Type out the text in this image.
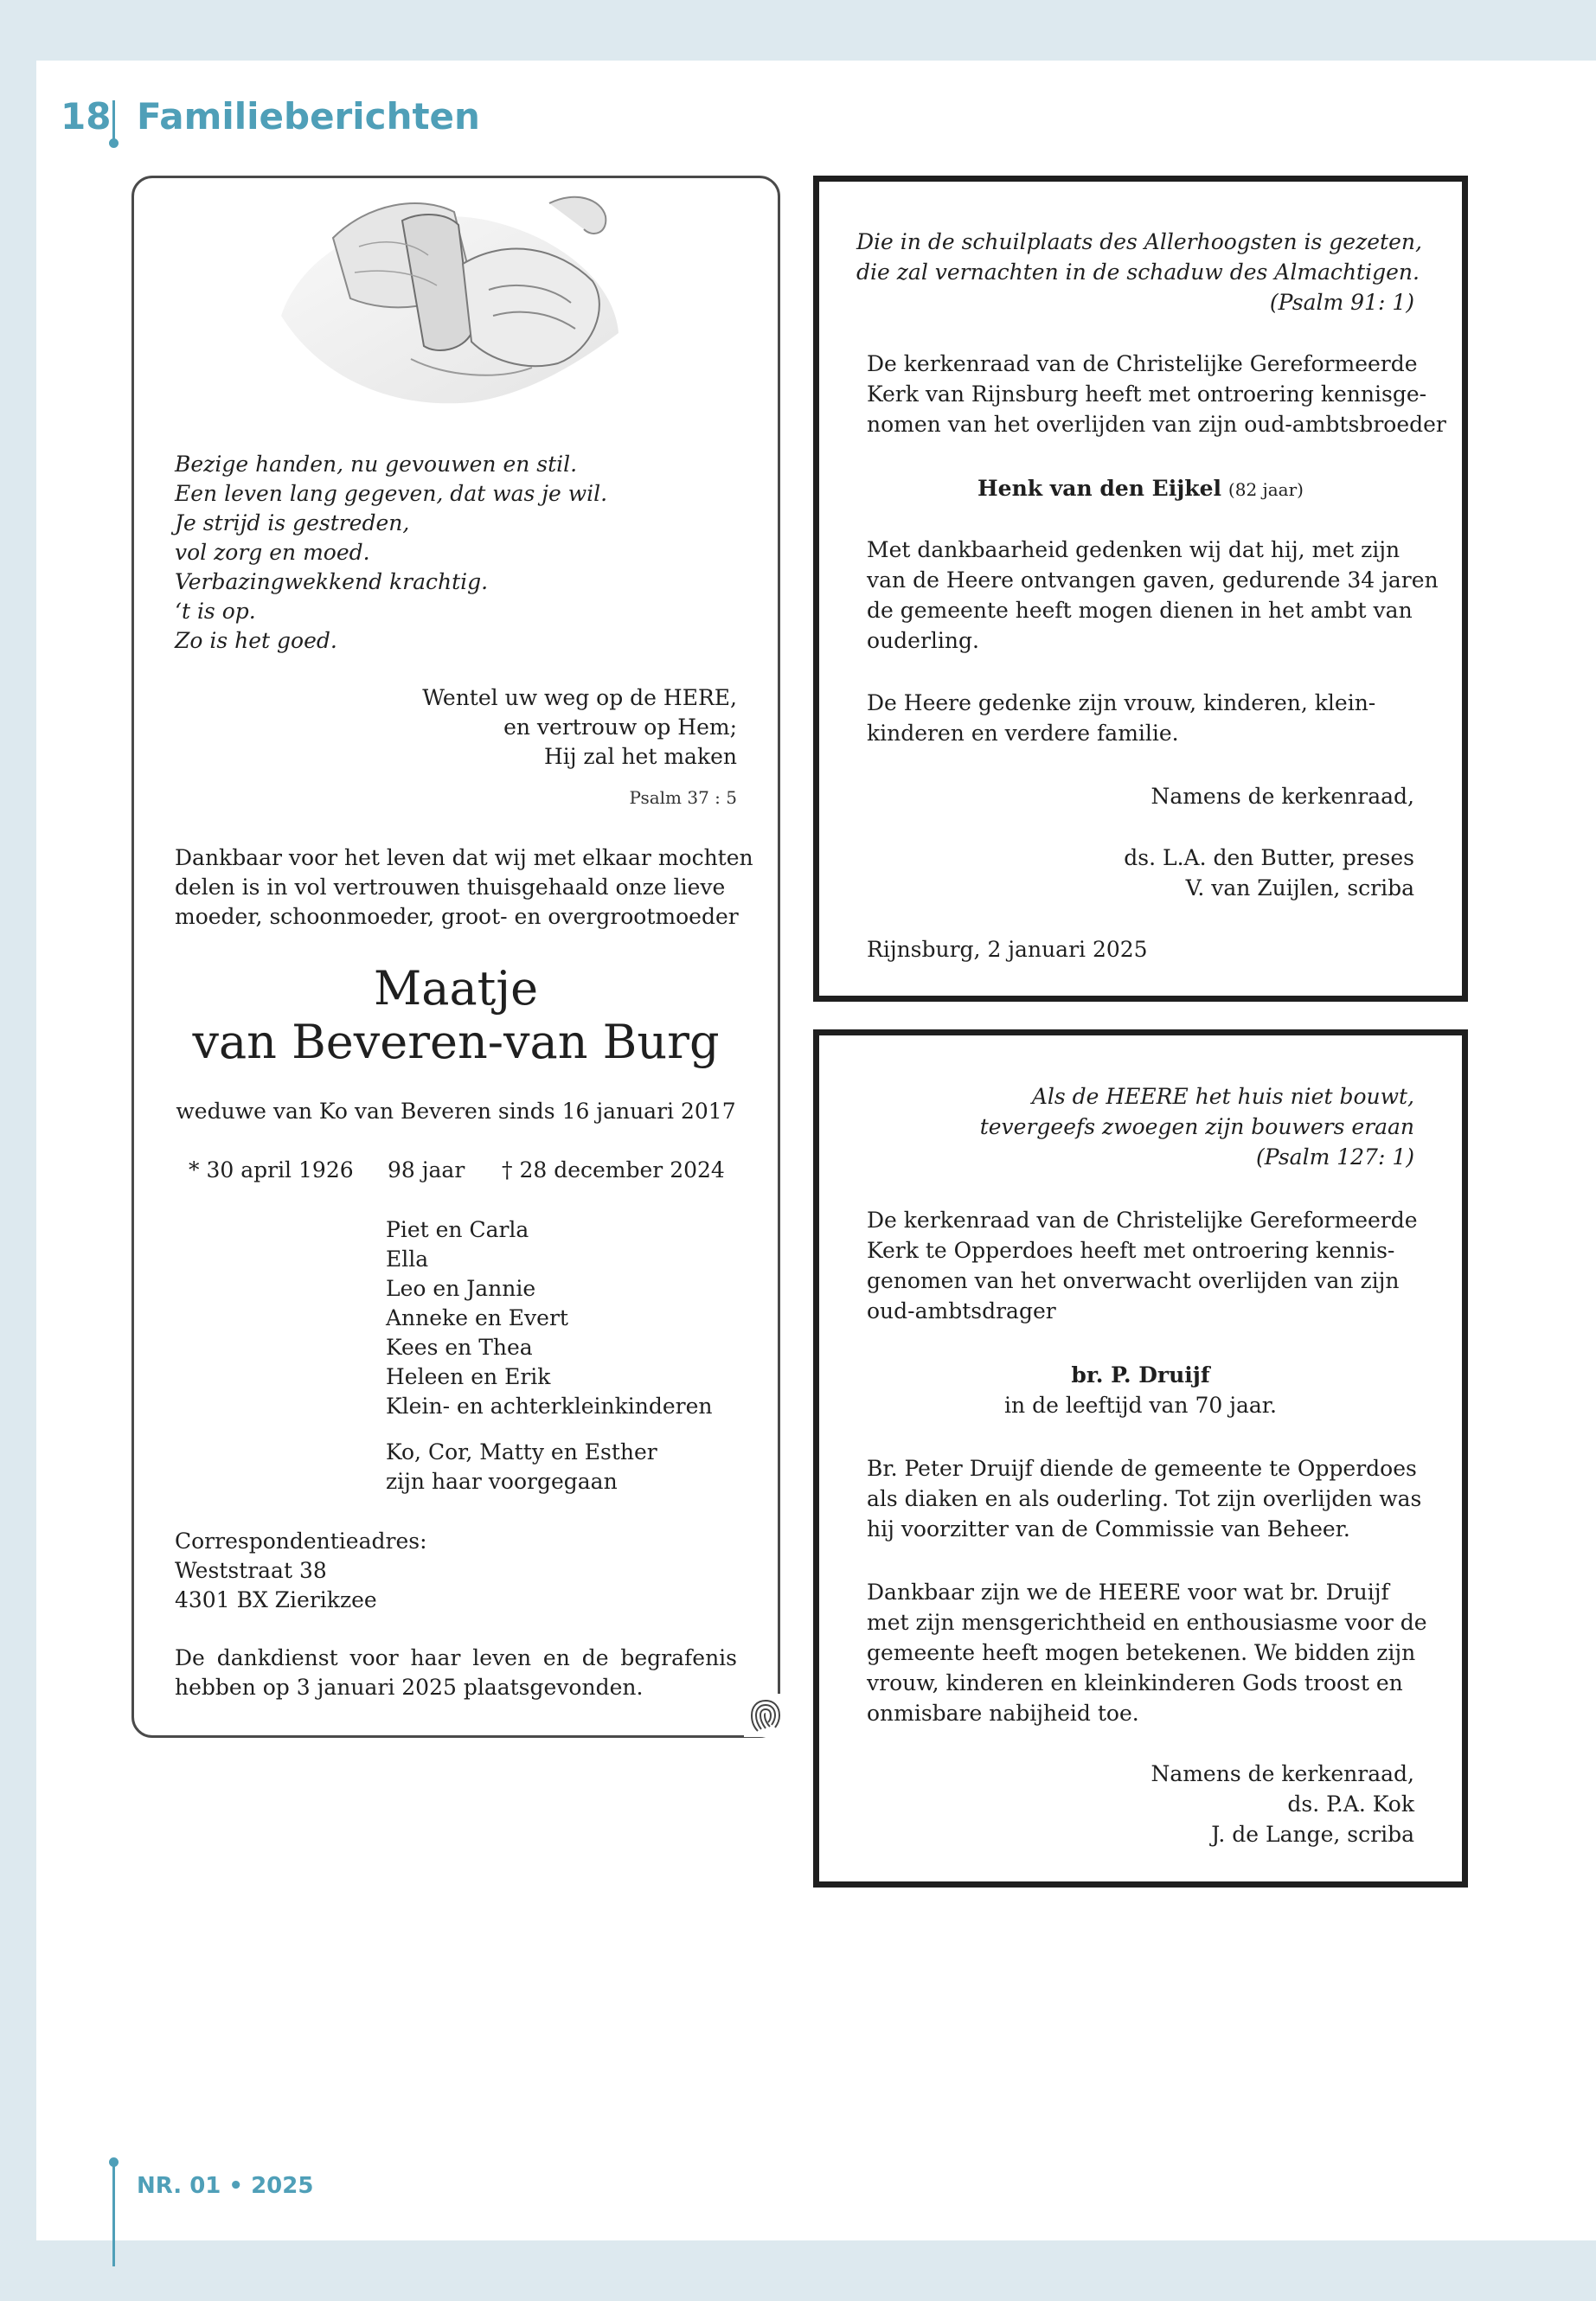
18 Familieberichten

Bezige handen, nu gevouwen en stil.
Een leven lang gegeven, dat was je wil.
Je strijd is gestreden,
vol zorg en moed.
Verbazingwekkend krachtig.
‘t is op.
Zo is het goed.

Wentel uw weg op de HERE,
en vertrouw op Hem;
Hij zal het maken

Psalm 37 : 5

Dankbaar voor het leven dat wij met elkaar mochten
delen is in vol vertrouwen thuisgehaald onze lieve
moeder, schoonmoeder, groot- en overgrootmoeder

Maatje
van Beveren-van Burg

weduwe van Ko van Beveren sinds 16 januari 2017

* 30 april 1926 98 jaar † 28 december 2024

Piet en Carla
Ella
Leo en Jannie
Anneke en Evert
Kees en Thea
Heleen en Erik
Klein- en achterkleinkinderen

Ko, Cor, Matty en Esther
zijn haar voorgegaan

Correspondentieadres:
Weststraat 38
4301 BX Zierikzee

De dankdienst voor haar leven en de begrafenis hebben op 3 januari 2025 plaatsgevonden.

Die in de schuilplaats des Allerhoogsten is gezeten,
die zal vernachten in de schaduw des Almachtigen.
(Psalm 91: 1)

De kerkenraad van de Christelijke Gereformeerde
Kerk van Rijnsburg heeft met ontroering kennisge-
nomen van het overlijden van zijn oud-ambtsbroeder

Henk van den Eijkel (82 jaar)

Met dankbaarheid gedenken wij dat hij, met zijn
van de Heere ontvangen gaven, gedurende 34 jaren
de gemeente heeft mogen dienen in het ambt van
ouderling.

De Heere gedenke zijn vrouw, kinderen, klein-
kinderen en verdere familie.

Namens de kerkenraad,

ds. L.A. den Butter, preses
V. van Zuijlen, scriba

Rijnsburg, 2 januari 2025

Als de HEERE het huis niet bouwt,
tevergeefs zwoegen zijn bouwers eraan
(Psalm 127: 1)

De kerkenraad van de Christelijke Gereformeerde
Kerk te Opperdoes heeft met ontroering kennis-
genomen van het onverwacht overlijden van zijn
oud-ambtsdrager

br. P. Druijf
in de leeftijd van 70 jaar.

Br. Peter Druijf diende de gemeente te Opperdoes
als diaken en als ouderling. Tot zijn overlijden was
hij voorzitter van de Commissie van Beheer.

Dankbaar zijn we de HEERE voor wat br. Druijf
met zijn mensgerichtheid en enthousiasme voor de
gemeente heeft mogen betekenen. We bidden zijn
vrouw, kinderen en kleinkinderen Gods troost en
onmisbare nabijheid toe.

Namens de kerkenraad,

ds. P.A. Kok
J. de Lange, scriba

NR. 01 • 2025
